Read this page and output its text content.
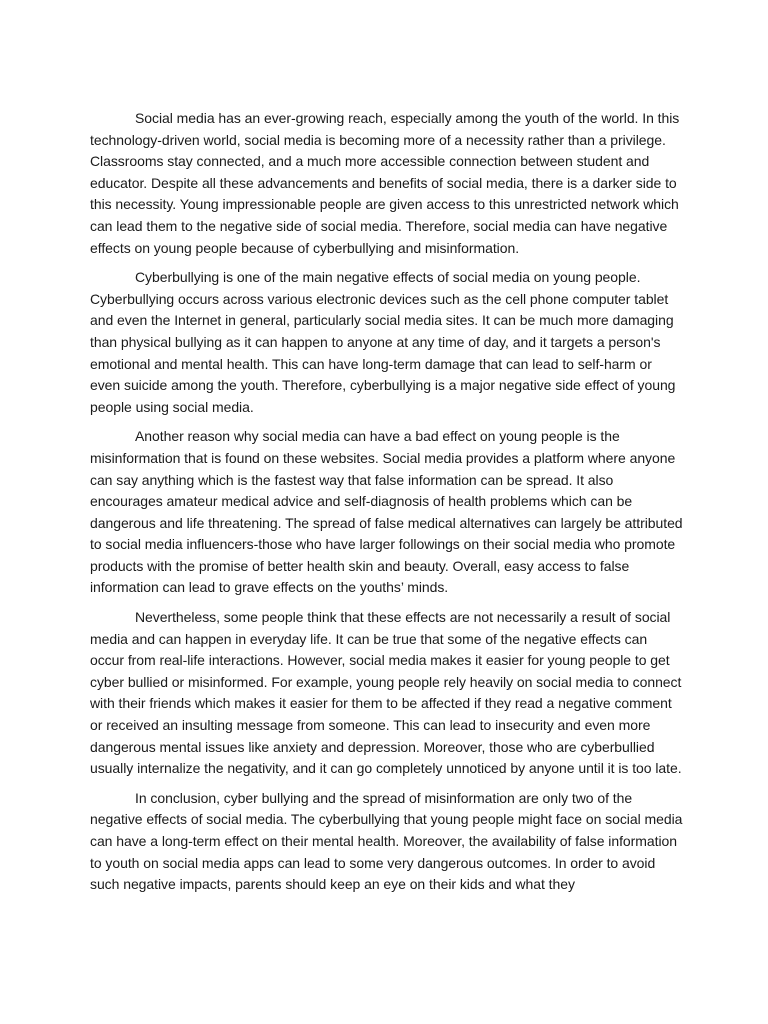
Social media has an ever-growing reach, especially among the youth of the world. In this technology-driven world, social media is becoming more of a necessity rather than a privilege. Classrooms stay connected, and a much more accessible connection between student and educator. Despite all these advancements and benefits of social media, there is a darker side to this necessity. Young impressionable people are given access to this unrestricted network which can lead them to the negative side of social media. Therefore, social media can have negative effects on young people because of cyberbullying and misinformation.

Cyberbullying is one of the main negative effects of social media on young people. Cyberbullying occurs across various electronic devices such as the cell phone computer tablet and even the Internet in general, particularly social media sites. It can be much more damaging than physical bullying as it can happen to anyone at any time of day, and it targets a person's emotional and mental health. This can have long-term damage that can lead to self-harm or even suicide among the youth. Therefore, cyberbullying is a major negative side effect of young people using social media.

Another reason why social media can have a bad effect on young people is the misinformation that is found on these websites. Social media provides a platform where anyone can say anything which is the fastest way that false information can be spread. It also encourages amateur medical advice and self-diagnosis of health problems which can be dangerous and life threatening. The spread of false medical alternatives can largely be attributed to social media influencers-those who have larger followings on their social media who promote products with the promise of better health skin and beauty. Overall, easy access to false information can lead to grave effects on the youths’ minds.

Nevertheless, some people think that these effects are not necessarily a result of social media and can happen in everyday life. It can be true that some of the negative effects can occur from real-life interactions. However, social media makes it easier for young people to get cyber bullied or misinformed. For example, young people rely heavily on social media to connect with their friends which makes it easier for them to be affected if they read a negative comment or received an insulting message from someone. This can lead to insecurity and even more dangerous mental issues like anxiety and depression. Moreover, those who are cyberbullied usually internalize the negativity, and it can go completely unnoticed by anyone until it is too late.

In conclusion, cyber bullying and the spread of misinformation are only two of the negative effects of social media. The cyberbullying that young people might face on social media can have a long-term effect on their mental health. Moreover, the availability of false information to youth on social media apps can lead to some very dangerous outcomes. In order to avoid such negative impacts, parents should keep an eye on their kids and what they
